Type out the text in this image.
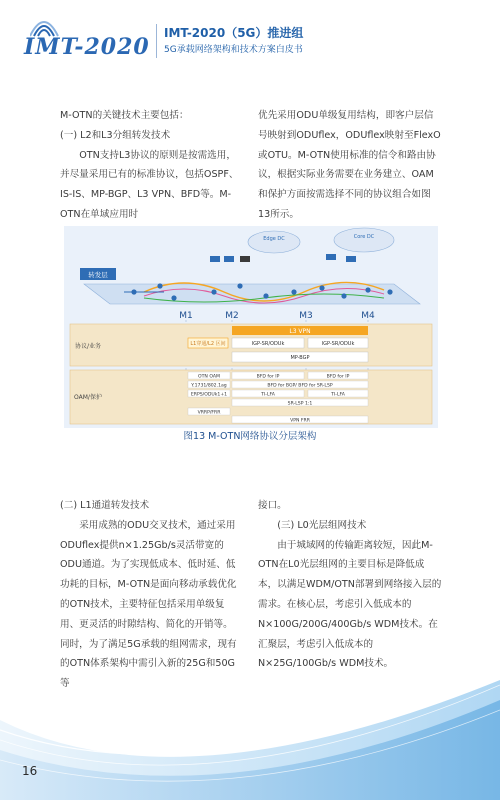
IMT-2020
IMT-2020（5G）推进组
5G承载网络架构和技术方案白皮书

M-OTN的关键技术主要包括：

(一) L2和L3分组转发技术

OTN支持L3协议的原则是按需选用，并尽量采用已有的标准协议，包括OSPF、IS-IS、MP-BGP、L3 VPN、BFD等。M-OTN在单域应用时

优先采用ODU单级复用结构，即客户层信号映射到ODUflex，ODUflex映射至FlexO或OTU。M-OTN使用标准的信令和路由协议，根据实际业务需要在业务建立、OAM和保护方面按需选择不同的协议组合如图13所示。

转发层
Edge DC	Core DC
M1	M2	M3	M4
协议/业务
L3 VPN
L1穿通/L2 区间	IGP-SR/ODUk	IGP-SR/ODUk
MP-BGP
OAM/保护
OTN OAM	BFD for IP	BFD for IP
Y.1731/802.1ag	BFD for BGP/ BFD for SR-LSP
ERPS/ODUk1+1	TI-LFA	TI-LFA
SR-LSP 1:1
VRRP/FRR
VPN FRR
图13 M-OTN网络协议分层架构

(二) L1通道转发技术

采用成熟的ODU交叉技术，通过采用ODUflex提供n×1.25Gb/s灵活带宽的ODU通道。为了实现低成本、低时延、低功耗的目标，M-OTN是面向移动承载优化的OTN技术，主要特征包括采用单级复用、更灵活的时隙结构、简化的开销等。同时，为了满足5G承载的组网需求，现有的OTN体系架构中需引入新的25G和50G等

接口。

(三) L0光层组网技术

由于城域网的传输距离较短，因此M-OTN在L0光层组网的主要目标是降低成本，以满足WDM/OTN部署到网络接入层的需求。在核心层，考虑引入低成本的N×100G/200G/400Gb/s WDM技术。在汇聚层，考虑引入低成本的N×25G/100Gb/s WDM技术。

16
